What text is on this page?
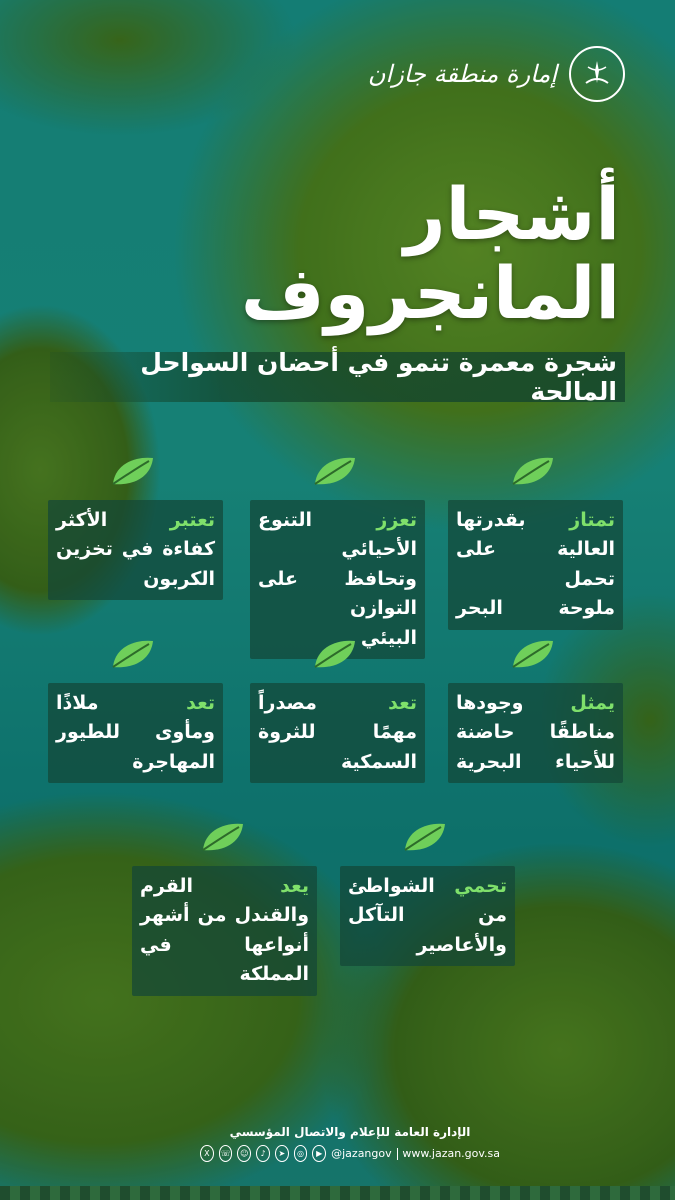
إمارة منطقة جازان
أشجار المانجروف
شجرة معمرة تنمو في أحضان السواحل المالحة
تمتاز بقدرتها
العالية على تحمل
ملوحة البحر
تعزز التنوع الأحيائي
وتحافظ على التوازن
البيئي
تعتبر الأكثر
كفاءة في تخزين
الكربون
يمثل وجودها
مناطقًا حاضنة
للأحياء البحرية
تعد مصدراً
مهمًا للثروة
السمكية
تعد ملاذًا
ومأوى للطيور
المهاجرة
تحمي الشواطئ
من التآكل
والأعاصير
يعد القرم
والقندل من أشهر
أنواعها في المملكة
الإدارة العامة للإعلام والاتصال المؤسسي
X	☏	☺	♪	➤	◎	▶ @jazangov www.jazan.gov.sa
